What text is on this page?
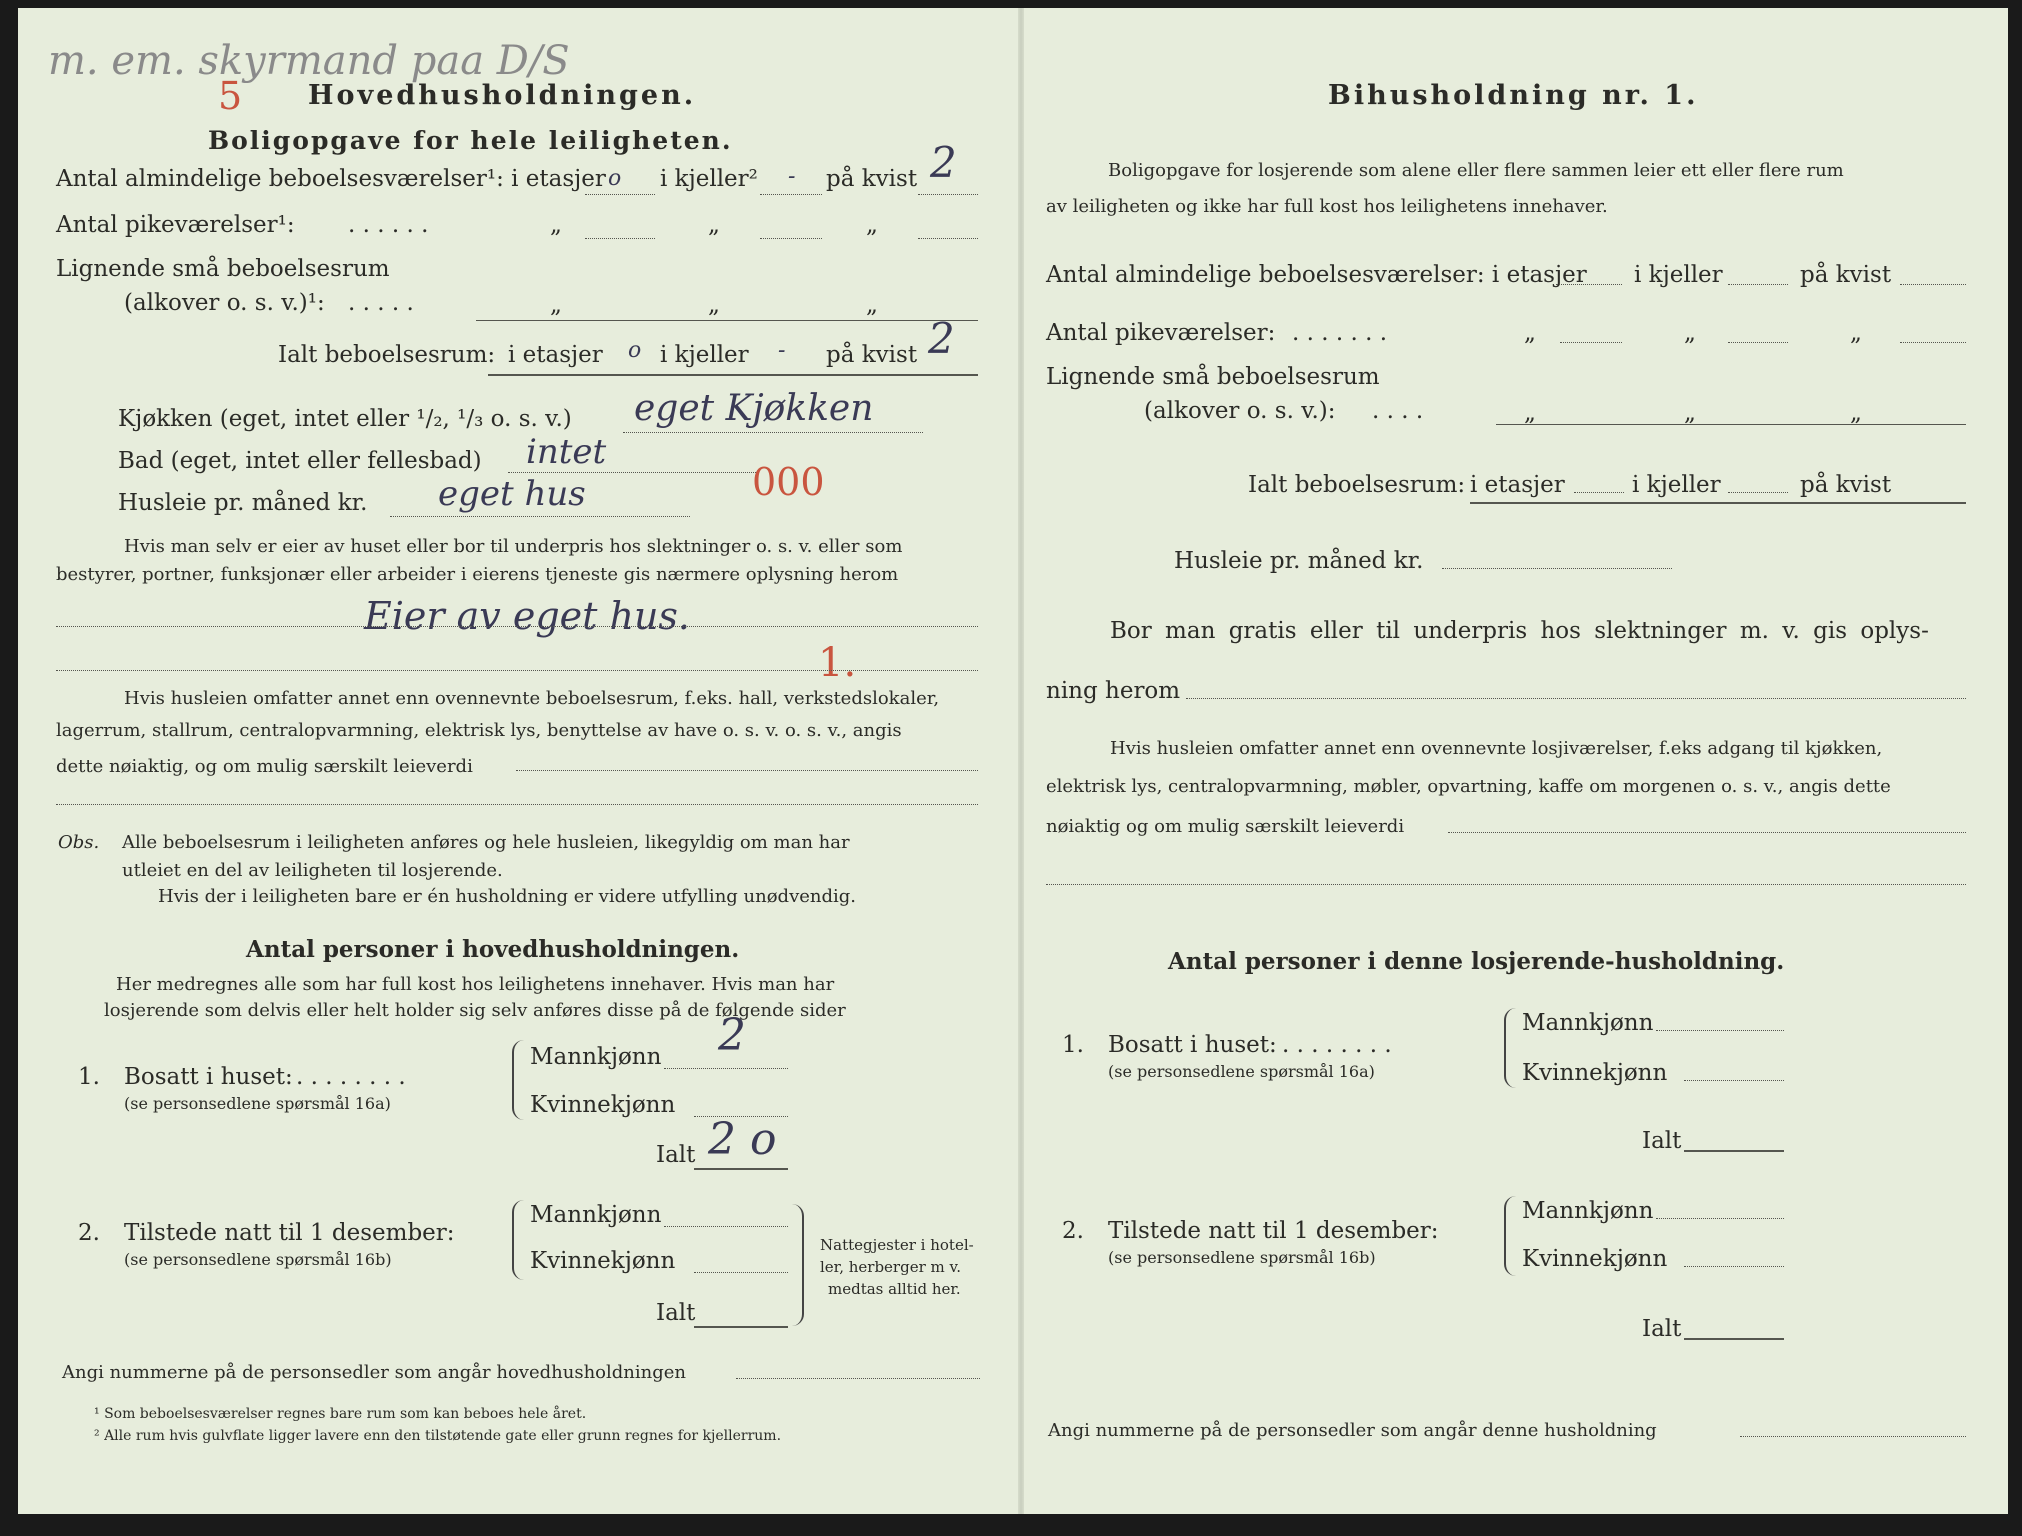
m. em. skyrmand paa D/S
5 Hovedhusholdningen.
Boligopgave for hele leiligheten.
Antal almindelige beboelsesværelser¹: i etasjer o i kjeller² - på kvist 2
Antal pikeværelser¹: . . . . . .	„	„	„
Lignende små beboelsesrum
(alkover o. s. v.)¹: . . . . .	„	„	„
Ialt beboelsesrum: i etasjer o i kjeller - på kvist 2
Kjøkken (eget, intet eller ¹/₂, ¹/₃ o. s. v.) eget Kjøkken
Bad (eget, intet eller fellesbad) intet
Husleie pr. måned kr. eget hus	000
Hvis man selv er eier av huset eller bor til underpris hos slektninger o. s. v. eller som
bestyrer, portner, funksjonær eller arbeider i eierens tjeneste gis nærmere oplysning herom
Eier av eget hus.
1.
Hvis husleien omfatter annet enn ovennevnte beboelsesrum, f.eks. hall, verkstedslokaler,
lagerrum, stallrum, centralopvarmning, elektrisk lys, benyttelse av have o. s. v. o. s. v., angis
dette nøiaktig, og om mulig særskilt leieverdi
Obs. Alle beboelsesrum i leiligheten anføres og hele husleien, likegyldig om man har
utleiet en del av leiligheten til losjerende.
Hvis der i leiligheten bare er én husholdning er videre utfylling unødvendig.
Antal personer i hovedhusholdningen.
Her medregnes alle som har full kost hos leilighetens innehaver. Hvis man har
losjerende som delvis eller helt holder sig selv anføres disse på de følgende sider
1. Bosatt i huset: . . . . . . . .
(se personsedlene spørsmål 16a)
Mannkjønn 2
Kvinnekjønn
Ialt 2 o
2. Tilstede natt til 1 desember:
(se personsedlene spørsmål 16b)
Mannkjønn
Kvinnekjønn
Ialt
Nattegjester i hotel-
ler, herberger m v.
medtas alltid her.
Angi nummerne på de personsedler som angår hovedhusholdningen
¹ Som beboelsesværelser regnes bare rum som kan beboes hele året.
² Alle rum hvis gulvflate ligger lavere enn den tilstøtende gate eller grunn regnes for kjellerrum.
Bihusholdning nr. 1.
Boligopgave for losjerende som alene eller flere sammen leier ett eller flere rum
av leiligheten og ikke har full kost hos leilighetens innehaver.
Antal almindelige beboelsesværelser: i etasjer i kjeller	på kvist
Antal pikeværelser: . . . . . . .	„	„	„
Lignende små beboelsesrum
(alkover o. s. v.): . . . .	„	„	„
Ialt beboelsesrum: i etasjer	i kjeller	på kvist
Husleie pr. måned kr.
Bor man gratis eller til underpris hos slektninger m. v. gis oplys-
ning herom
Hvis husleien omfatter annet enn ovennevnte losjiværelser, f.eks adgang til kjøkken,
elektrisk lys, centralopvarmning, møbler, opvartning, kaffe om morgenen o. s. v., angis dette
nøiaktig og om mulig særskilt leieverdi
Antal personer i denne losjerende-husholdning.
1. Bosatt i huset: . . . . . . . .
(se personsedlene spørsmål 16a)
Mannkjønn
Kvinnekjønn
Ialt
2. Tilstede natt til 1 desember:
(se personsedlene spørsmål 16b)
Mannkjønn
Kvinnekjønn
Ialt
Angi nummerne på de personsedler som angår denne husholdning
